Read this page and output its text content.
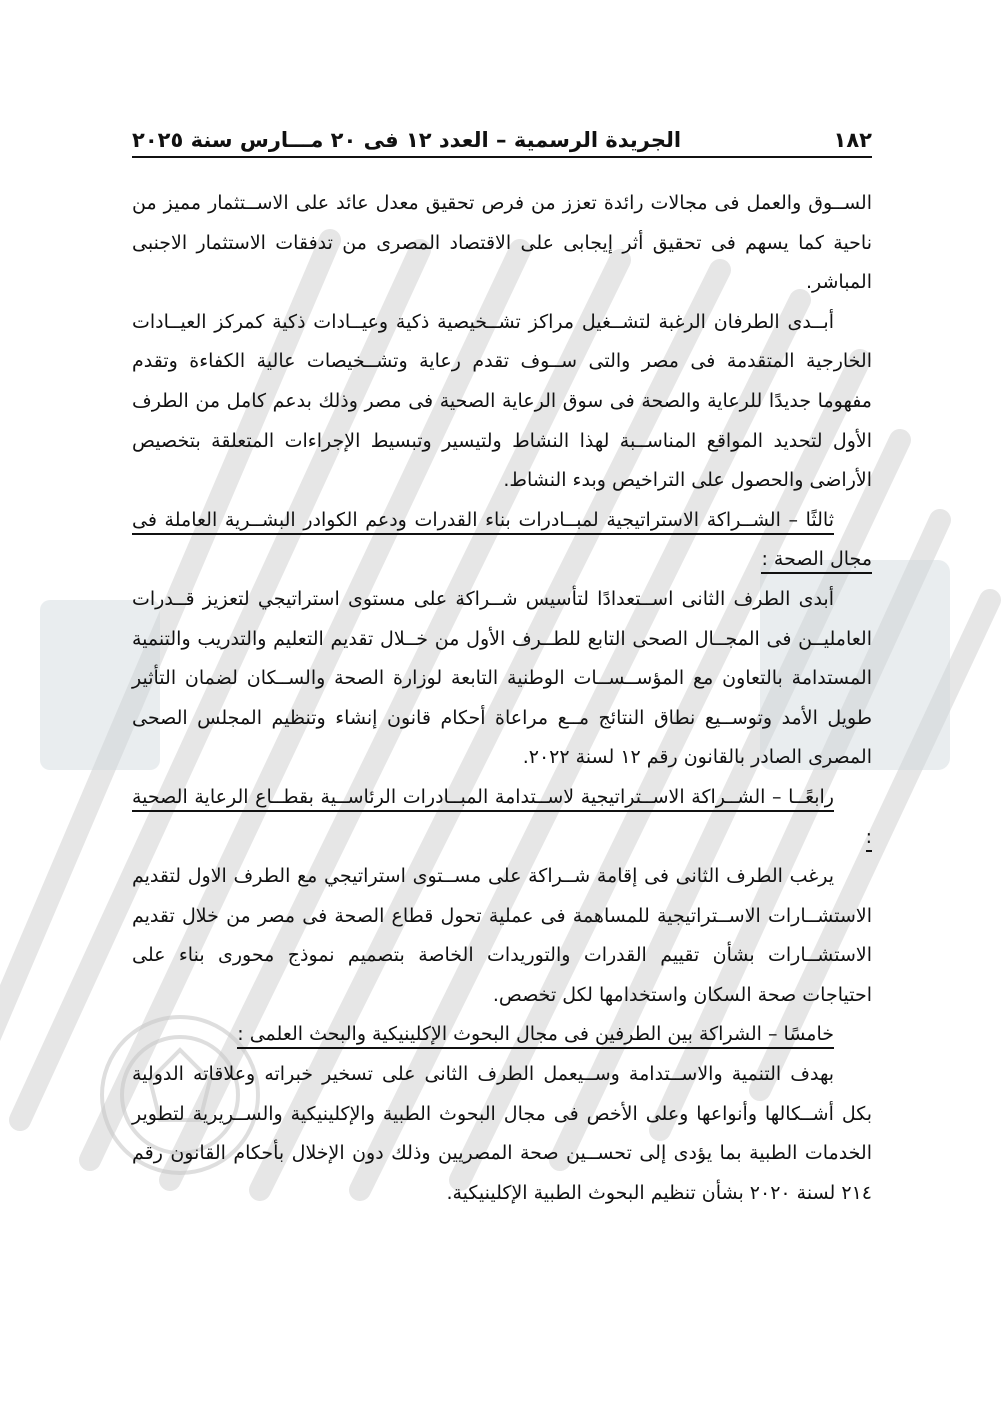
١٨٢
الجريدة الرسمية – العدد ١٢ فى ٢٠ مـــارس سنة ٢٠٢٥

الســوق والعمل فى مجالات رائدة تعزز من فرص تحقيق معدل عائد على الاســتثمار مميز من ناحية كما يسهم فى تحقيق أثر إيجابى على الاقتصاد المصرى من تدفقات الاستثمار الاجنبى المباشر.

أبــدى الطرفان الرغبة لتشــغيل مراكز تشــخيصية ذكية وعيــادات ذكية كمركز العيــادات الخارجية المتقدمة فى مصر والتى ســوف تقدم رعاية وتشــخيصات عالية الكفاءة وتقدم مفهوما جديدًا للرعاية والصحة فى سوق الرعاية الصحية فى مصر وذلك بدعم كامل من الطرف الأول لتحديد المواقع المناســبة لهذا النشاط ولتيسير وتبسيط الإجراءات المتعلقة بتخصيص الأراضى والحصول على التراخيص وبدء النشاط.

ثالثًا – الشــراكة الاستراتيجية لمبــادرات بناء القدرات ودعم الكوادر البشــرية العاملة فى مجال الصحة :

أبدى الطرف الثانى اســتعدادًا لتأسيس شــراكة على مستوى استراتيجي لتعزيز قــدرات العامليــن فى المجــال الصحى التابع للطــرف الأول من خــلال تقديم التعليم والتدريب والتنمية المستدامة بالتعاون مع المؤســســات الوطنية التابعة لوزارة الصحة والســكان لضمان التأثير طويل الأمد وتوســيع نطاق النتائج مــع مراعاة أحكام قانون إنشاء وتنظيم المجلس الصحى المصرى الصادر بالقانون رقم ١٢ لسنة ٢٠٢٢.

رابعًــا – الشــراكة الاســتراتيجية لاســتدامة المبــادرات الرئاســية بقطــاع الرعاية الصحية :

يرغب الطرف الثانى فى إقامة شــراكة على مســتوى استراتيجي مع الطرف الاول لتقديم الاستشــارات الاســتراتيجية للمساهمة فى عملية تحول قطاع الصحة فى مصر من خلال تقديم الاستشــارات بشأن تقييم القدرات والتوريدات الخاصة بتصميم نموذج محورى بناء على احتياجات صحة السكان واستخدامها لكل تخصص.

خامسًا – الشراكة بين الطرفين فى مجال البحوث الإكلينيكية والبحث العلمى :

بهدف التنمية والاســتدامة وســيعمل الطرف الثانى على تسخير خبراته وعلاقاته الدولية بكل أشــكالها وأنواعها وعلى الأخص فى مجال البحوث الطبية والإكلينيكية والســريرية لتطوير الخدمات الطبية بما يؤدى إلى تحســين صحة المصريين وذلك دون الإخلال بأحكام القانون رقم ٢١٤ لسنة ٢٠٢٠ بشأن تنظيم البحوث الطبية الإكلينيكية.
